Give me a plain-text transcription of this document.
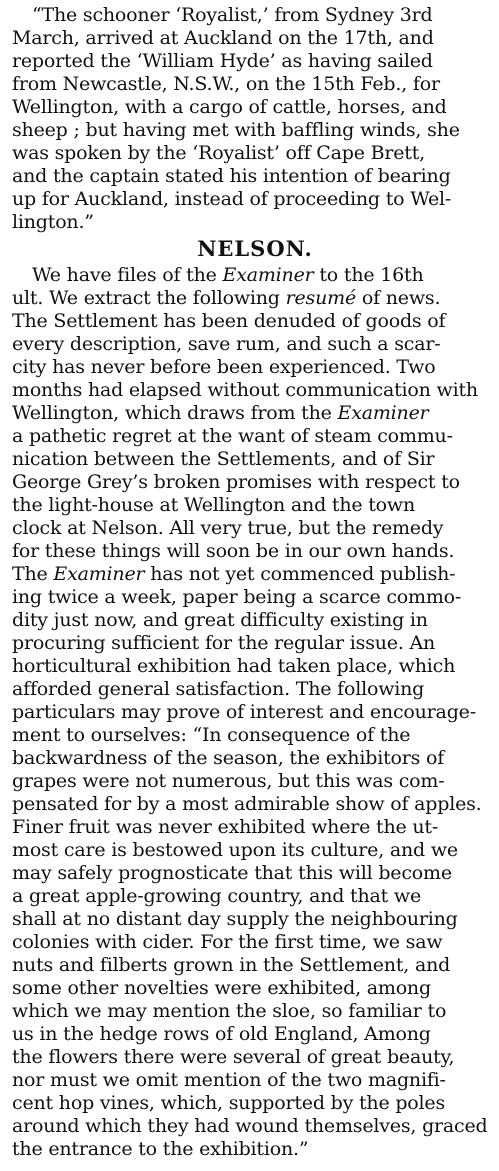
“The schooner ‘Royalist,’ from Sydney 3rd
March, arrived at Auckland on the 17th, and
reported the ‘William Hyde’ as having sailed
from Newcastle, N.S.W., on the 15th Feb., for
Wellington, with a cargo of cattle, horses, and
sheep ; but having met with baffling winds, she
was spoken by the ‘Royalist’ off Cape Brett,
and the captain stated his intention of bearing
up for Auckland, instead of proceeding to Wel-
lington.”
NELSON.
We have files of the Examiner to the 16th
ult. We extract the following resumé of news.
The Settlement has been denuded of goods of
every description, save rum, and such a scar-
city has never before been experienced. Two
months had elapsed without communication with
Wellington, which draws from the Examiner
a pathetic regret at the want of steam commu-
nication between the Settlements, and of Sir
George Grey’s broken promises with respect to
the light-house at Wellington and the town
clock at Nelson. All very true, but the remedy
for these things will soon be in our own hands.
The Examiner has not yet commenced publish-
ing twice a week, paper being a scarce commo-
dity just now, and great difficulty existing in
procuring sufficient for the regular issue. An
horticultural exhibition had taken place, which
afforded general satisfaction. The following
particulars may prove of interest and encourage-
ment to ourselves: “In consequence of the
backwardness of the season, the exhibitors of
grapes were not numerous, but this was com-
pensated for by a most admirable show of apples.
Finer fruit was never exhibited where the ut-
most care is bestowed upon its culture, and we
may safely prognosticate that this will become
a great apple-growing country, and that we
shall at no distant day supply the neighbouring
colonies with cider. For the first time, we saw
nuts and filberts grown in the Settlement, and
some other novelties were exhibited, among
which we may mention the sloe, so familiar to
us in the hedge rows of old England, Among
the flowers there were several of great beauty,
nor must we omit mention of the two magnifi-
cent hop vines, which, supported by the poles
around which they had wound themselves, graced
the entrance to the exhibition.”
